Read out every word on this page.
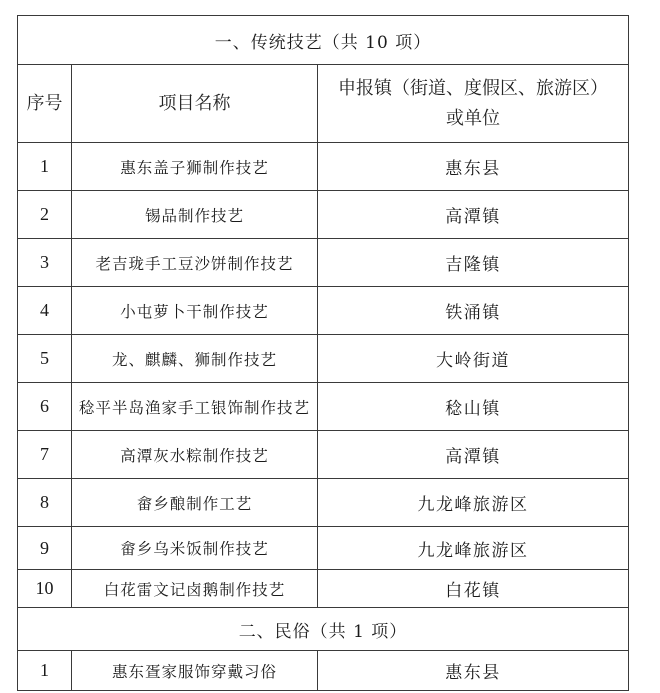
一、传统技艺（共 10 项）		
序号	项目名称	申报镇（街道、度假区、旅游区）
或单位

1	惠东盖子狮制作技艺	惠东县
2	锡品制作技艺	高潭镇
3	老吉珑手工豆沙饼制作技艺	吉隆镇
4	小屯萝卜干制作技艺	铁涌镇
5	龙、麒麟、狮制作技艺	大岭街道
6	稔平半岛渔家手工银饰制作技艺	稔山镇
7	高潭灰水粽制作技艺	高潭镇
8	畲乡酿制作工艺	九龙峰旅游区
9	畲乡乌米饭制作技艺	九龙峰旅游区
10	白花雷文记卤鹅制作技艺	白花镇
二、民俗（共 1 项）		
1	惠东疍家服饰穿戴习俗	惠东县
